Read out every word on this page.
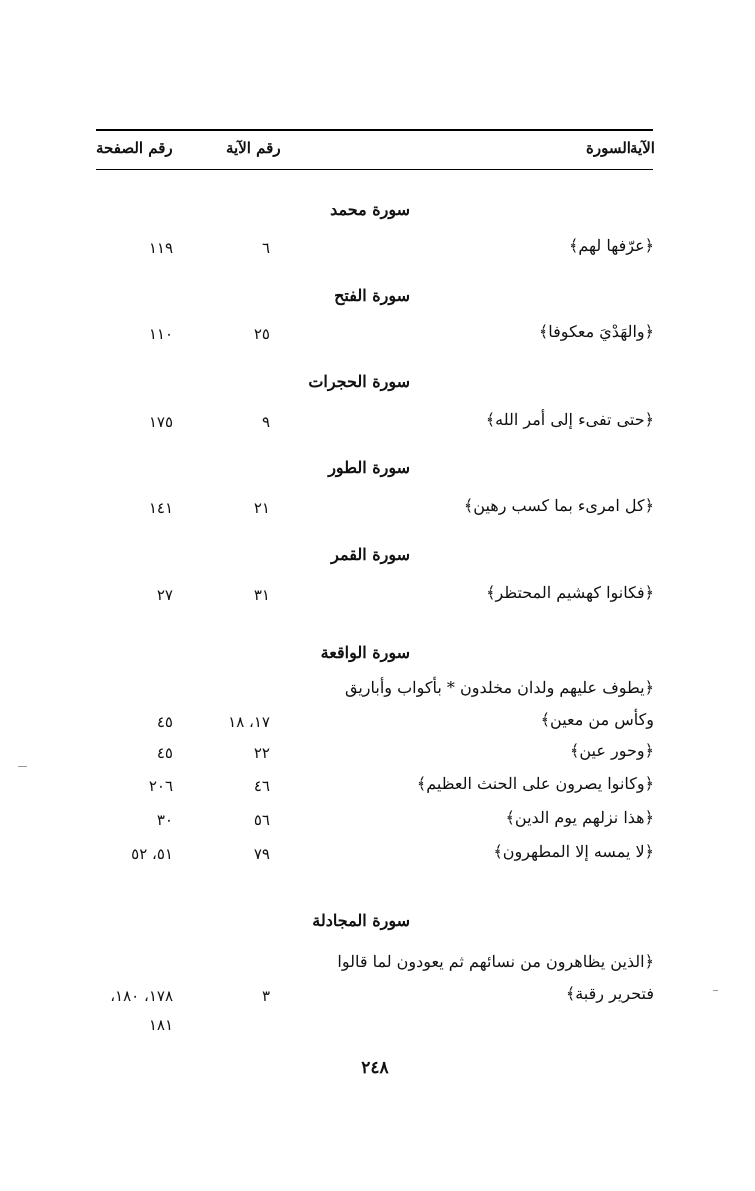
السورة الآية
رقم الآية
رقم الصفحة
سورة محمد
﴿عرّفها لهم﴾
٦
١١٩
سورة الفتح
﴿والهَدْيَ معكوفا﴾
٢٥
١١٠
سورة الحجرات
﴿حتى تفىء إلى أمر الله﴾
٩
١٧٥
سورة الطور
﴿كل امرىء بما كسب رهين﴾
٢١
١٤١
سورة القمر
﴿فكانوا كهشيم المحتظر﴾
٣١
٢٧
سورة الواقعة
﴿يطوف عليهم ولدان مخلدون * بأكواب وأباريق
وكأس من معين﴾
١٧، ١٨
٤٥
﴿وحور عين﴾
٢٢
٤٥
﴿وكانوا يصرون على الحنث العظيم﴾
٤٦
٢٠٦
﴿هذا نزلهم يوم الدين﴾
٥٦
٣٠
﴿لا يمسه إلا المطهرون﴾
٧٩
٥١، ٥٢
سورة المجادلة
﴿الذين يظاهرون من نسائهم ثم يعودون لما قالوا
فتحرير رقبة﴾
٣
١٧٨، ١٨٠،
١٨١
٢٤٨
